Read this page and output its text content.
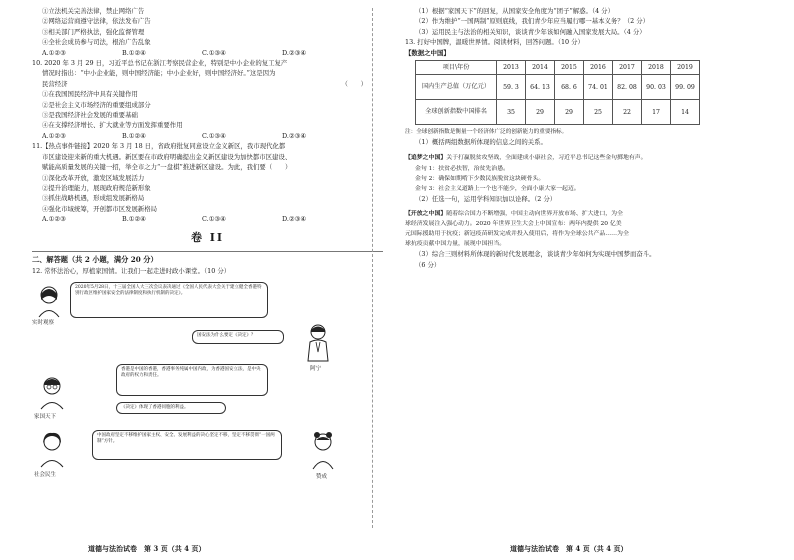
①立法机关完善法律，禁止网络广告
②网络运营商遵守法律，依法发布广告
③相关部门严格执法，强化监督管理
④全社会成员参与司法，根治广告乱象
A.①②③	B.①②④	C.①③④	D.②③④
10. 2020 年 3 月 29 日，习近平总书记在浙江考察民营企业，特别是中小企业的复工复产
情况时指出：“中小企业能，则中国经济能；中小企业好，则中国经济好。”这是因为
民营经济	（　　）
①在我国国民经济中具有关键作用
②是社会主义市场经济的重要组成部分
③是我国经济社会发展的重要基础
④在支撑经济增长、扩大就业等方面发挥重要作用
A.①②③	B.①②④	C.①③④	D.②③④
11.【热点事件链接】2020 年 3 月 18 日，省政府批复同意设立金义新区，我市现代化都
市区建设迎来新的重大机遇。新区要在市政府明确提出金义新区建设为加快都市区建设、
赋能高质量发展的关键一招，举全市之力“一盘棋”推进新区建设。为此，我们要（　　）
①深化改革开放，激发区域发展活力
②提升治理能力，展现政府规范新形象
③抓住战略机遇，形成组发展新格局
④强化市域统筹，开创都市区发展新格局
A.①②③	B.①②④	C.①③④	D.②③④
卷 II
二、解答题（共 2 小题，满分 20 分）
12. 常怀法治心，厚植家国情。让我们一起走进时政小课堂。（10 分）
实时观察
2020年5月28日，十三届全国人大三次会议表决通过《全国人民代表大会关于建立健全香港特别行政区维护国家安全的法律制度和执行机制的决定》。
国安法为什么要定《决定》？
阿宁
家国天下
香港是中国的香港，香港事务纯属中国内政，为香港国安立法，是中央政府的权力和责任。
《决定》体现了香港同胞的利益。
社会民生
中国政府坚定不移维护国家主权、安全、发展利益的决心坚定不移，坚定不移贯彻“一国两制”方针。
赞成
道德与法治试卷　第 3 页（共 4 页）
（1）根据“家国天下”的回复，从国家安全角度为“团子”解惑。（4 分）
（2）作为维护“一国两制”原则底线，我们青少年应当履行哪一基本义务？（2 分）
（3）运用民主与法治的相关知识，谈谈青少年该如何融入国家发展大局。（4 分）
13. 打好中国牌，温暖世界情。阅读材料，回答问题。（10 分）
【数据之中国】
项目\年份	2013	2014	2015	2016	2017	2018	2019
国内生产总值（万亿元）	59. 3	64. 13	68. 6	74. 01	82. 08	90. 03	99. 09
全球创新指数中国排名	35	29	29	25	22	17	14
注：全球创新指数是衡量一个经济体广泛的创新能力的重要指标。
（1）概括两组数据所体现的信息之间的关系。
【追梦之中国】关于打赢脱贫攻坚战，全面建成小康社会，习近平总书记这些金句掷地有声。
金句 1：扶贫必扶智，治贫先治愚。
金句 2：确保如期啃下少数民族脱贫这块硬骨头。
金句 3：社会主义道路上一个也不能少，全面小康大家一起迈。
（2）任选一句，运用学科知识加以诠释。（2 分）
【开放之中国】随着综合国力不断增强，中国主动向世界开放市场、扩大进口，为全
球经济发展注入强心动力。2020 年世界卫生大会上中国宣布：两年内提供 20 亿美
元国际援助用于抗疫；新冠疫苗研发完成并投入使用后，将作为全球公共产品……为全
球抗疫贡献中国力量，展现中国担当。
（3）综合三则材料所体现的新时代发展理念，谈谈青少年如何为实现中国梦而奋斗。
（6 分）
道德与法治试卷　第 4 页（共 4 页）
